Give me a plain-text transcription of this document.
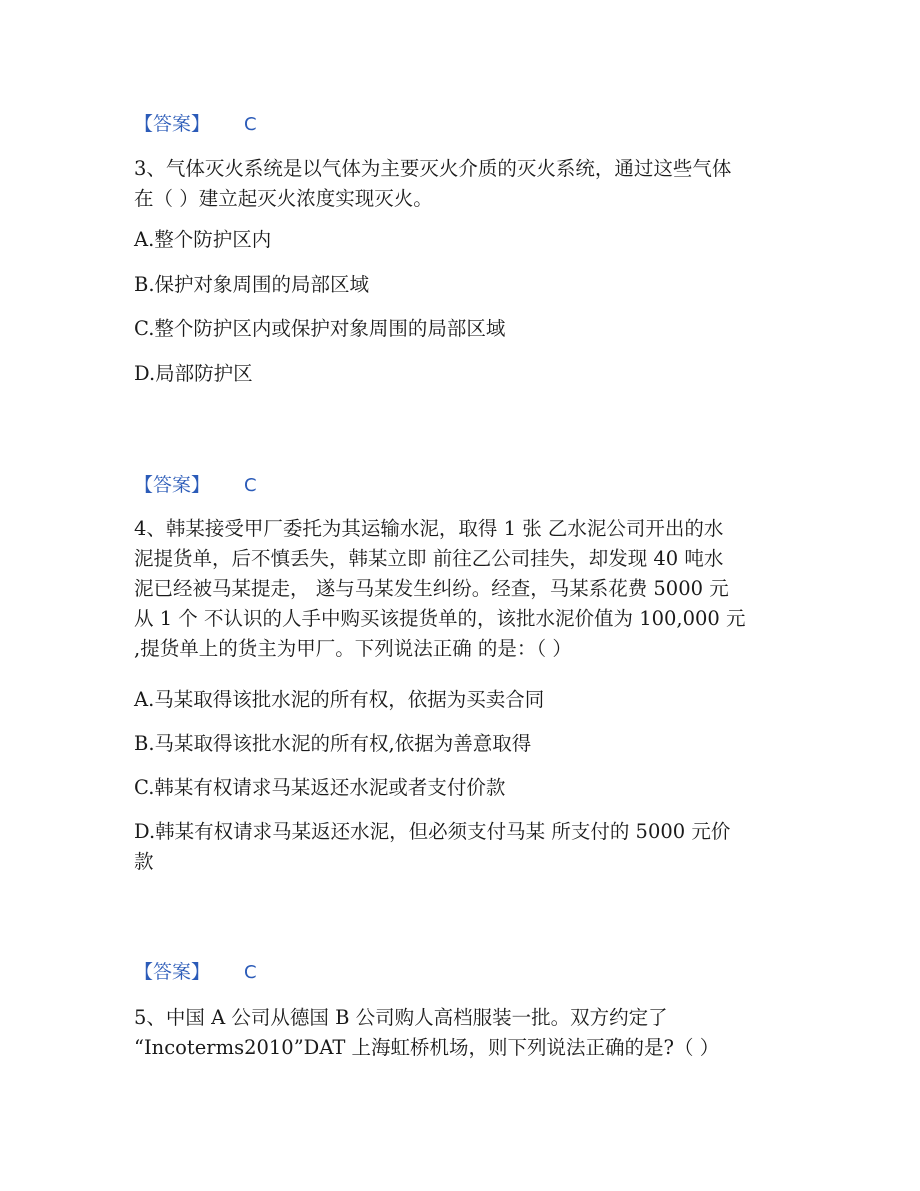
【答案】 C
3、气体灭火系统是以气体为主要灭火介质的灭火系统，通过这些气体
在（ ）建立起灭火浓度实现灭火。
A.整个防护区内
B.保护对象周围的局部区域
C.整个防护区内或保护对象周围的局部区域
D.局部防护区
【答案】 C
4、韩某接受甲厂委托为其运输水泥，取得 1 张 乙水泥公司开出的水
泥提货单，后不慎丢失，韩某立即 前往乙公司挂失，却发现 40 吨水
泥已经被马某提走， 遂与马某发生纠纷。经查，马某系花费 5000 元
从 1 个 不认识的人手中购买该提货单的，该批水泥价值为 100,000 元
,提货单上的货主为甲厂。下列说法正确 的是：（ ）
A.马某取得该批水泥的所有权，依据为买卖合同
B.马某取得该批水泥的所有权,依据为善意取得
C.韩某有权请求马某返还水泥或者支付价款
D.韩某有权请求马某返还水泥，但必须支付马某 所支付的 5000 元价
款
【答案】 C
5、中国 A 公司从德国 B 公司购人高档服装一批。双方约定了
“Incoterms2010”DAT 上海虹桥机场，则下列说法正确的是?（ ）
